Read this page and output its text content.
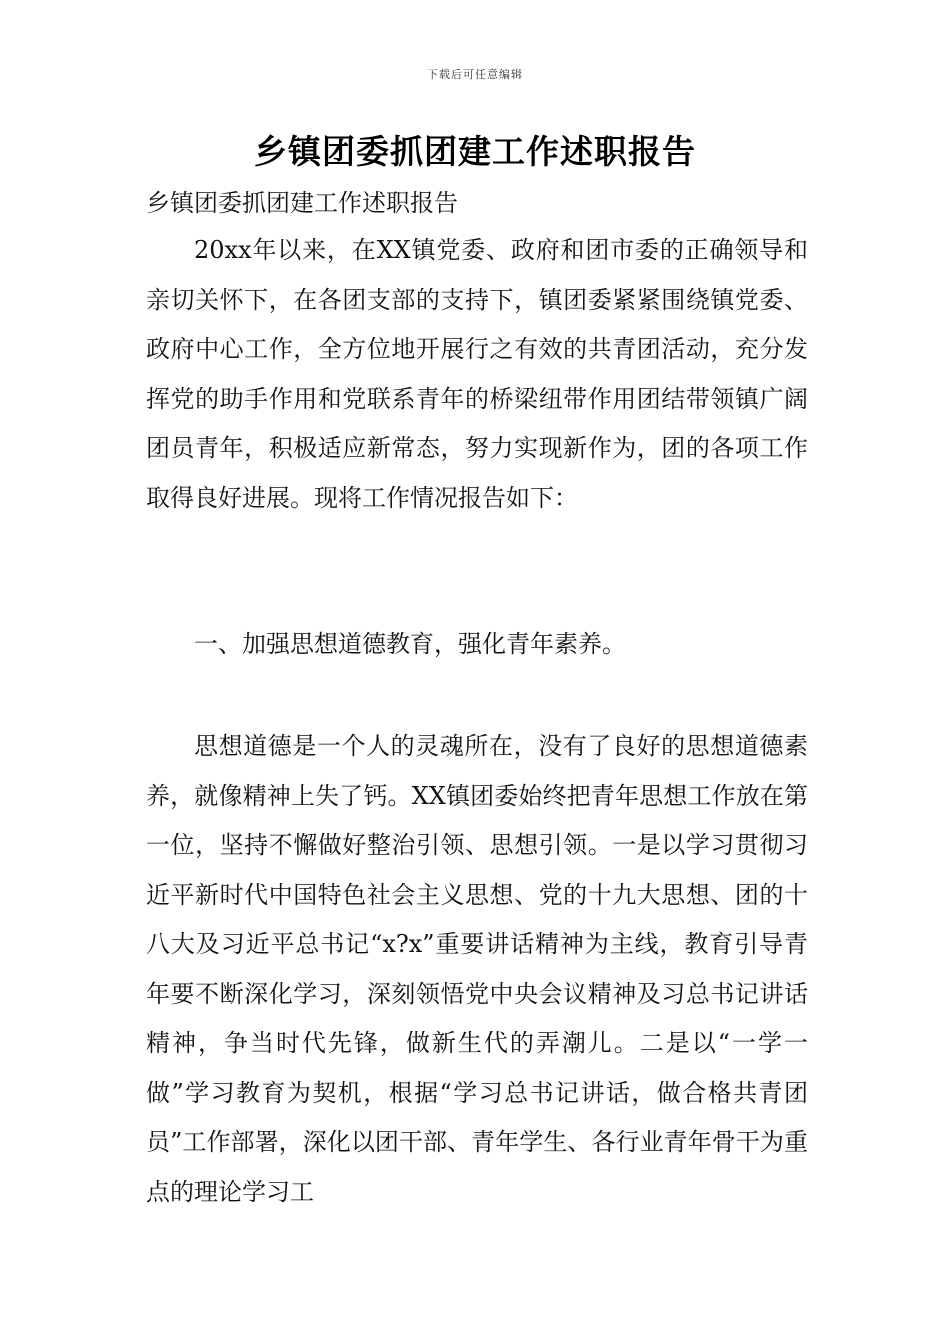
下载后可任意编辑
乡镇团委抓团建工作述职报告
乡镇团委抓团建工作述职报告
20xx年以来，在XX镇党委、政府和团市委的正确领导和亲切关怀下，在各团支部的支持下，镇团委紧紧围绕镇党委、政府中心工作，全方位地开展行之有效的共青团活动，充分发挥党的助手作用和党联系青年的桥梁纽带作用团结带领镇广阔团员青年，积极适应新常态，努力实现新作为，团的各项工作取得良好进展。现将工作情况报告如下：
一、加强思想道德教育，强化青年素养。
思想道德是一个人的灵魂所在，没有了良好的思想道德素养，就像精神上失了钙。XX镇团委始终把青年思想工作放在第一位，坚持不懈做好整治引领、思想引领。一是以学习贯彻习近平新时代中国特色社会主义思想、党的十九大思想、团的十八大及习近平总书记“x?x”重要讲话精神为主线，教育引导青年要不断深化学习，深刻领悟党中央会议精神及习总书记讲话精神，争当时代先锋，做新生代的弄潮儿。二是以“一学一做”学习教育为契机，根据“学习总书记讲话，做合格共青团员”工作部署，深化以团干部、青年学生、各行业青年骨干为重点的理论学习工
